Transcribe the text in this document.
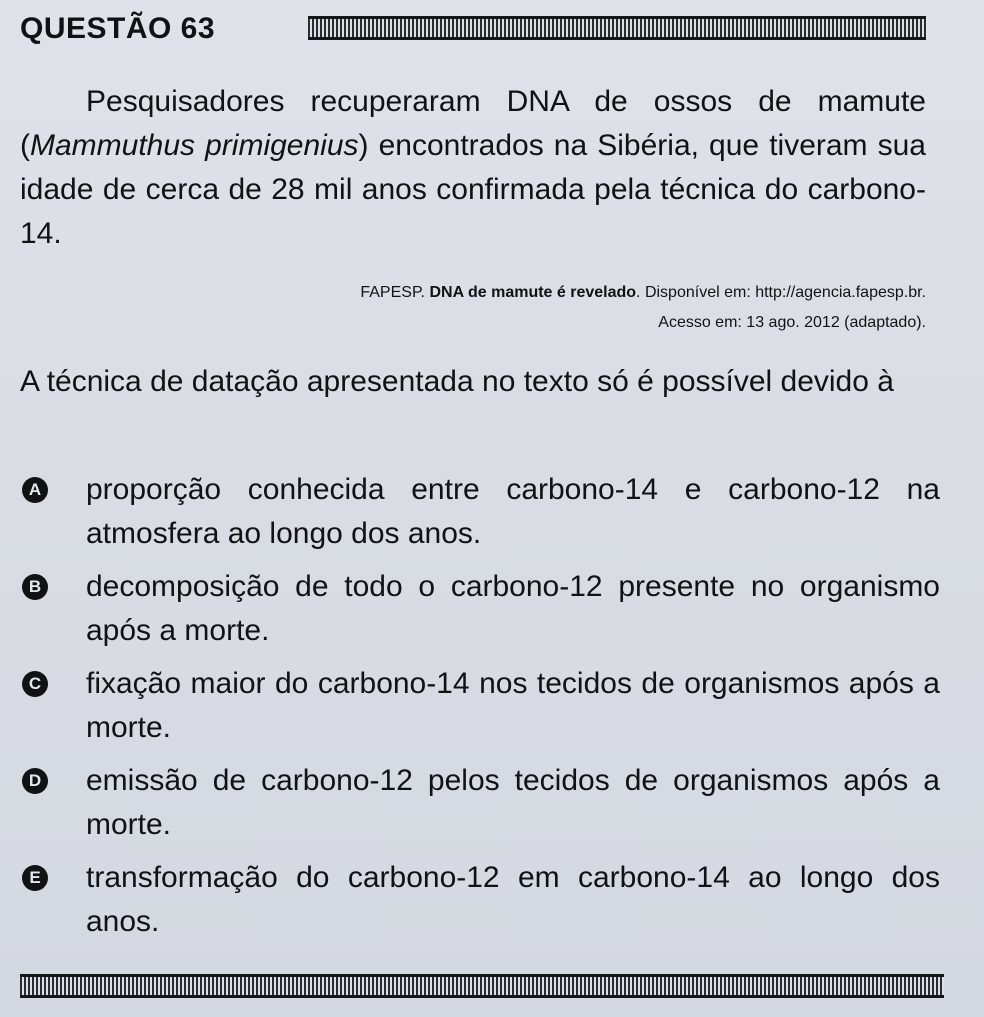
QUESTÃO 63

Pesquisadores recuperaram DNA de ossos de mamute (Mammuthus primigenius) encontrados na Sibéria, que tiveram sua idade de cerca de 28 mil anos confirmada pela técnica do carbono-14.

FAPESP. DNA de mamute é revelado. Disponível em: http://agencia.fapesp.br.
Acesso em: 13 ago. 2012 (adaptado).

A técnica de datação apresentada no texto só é possível devido à

A proporção conhecida entre carbono-14 e carbono-12 na atmosfera ao longo dos anos.
B decomposição de todo o carbono-12 presente no organismo após a morte.
C fixação maior do carbono-14 nos tecidos de organismos após a morte.
D emissão de carbono-12 pelos tecidos de organismos após a morte.
E transformação do carbono-12 em carbono-14 ao longo dos anos.
